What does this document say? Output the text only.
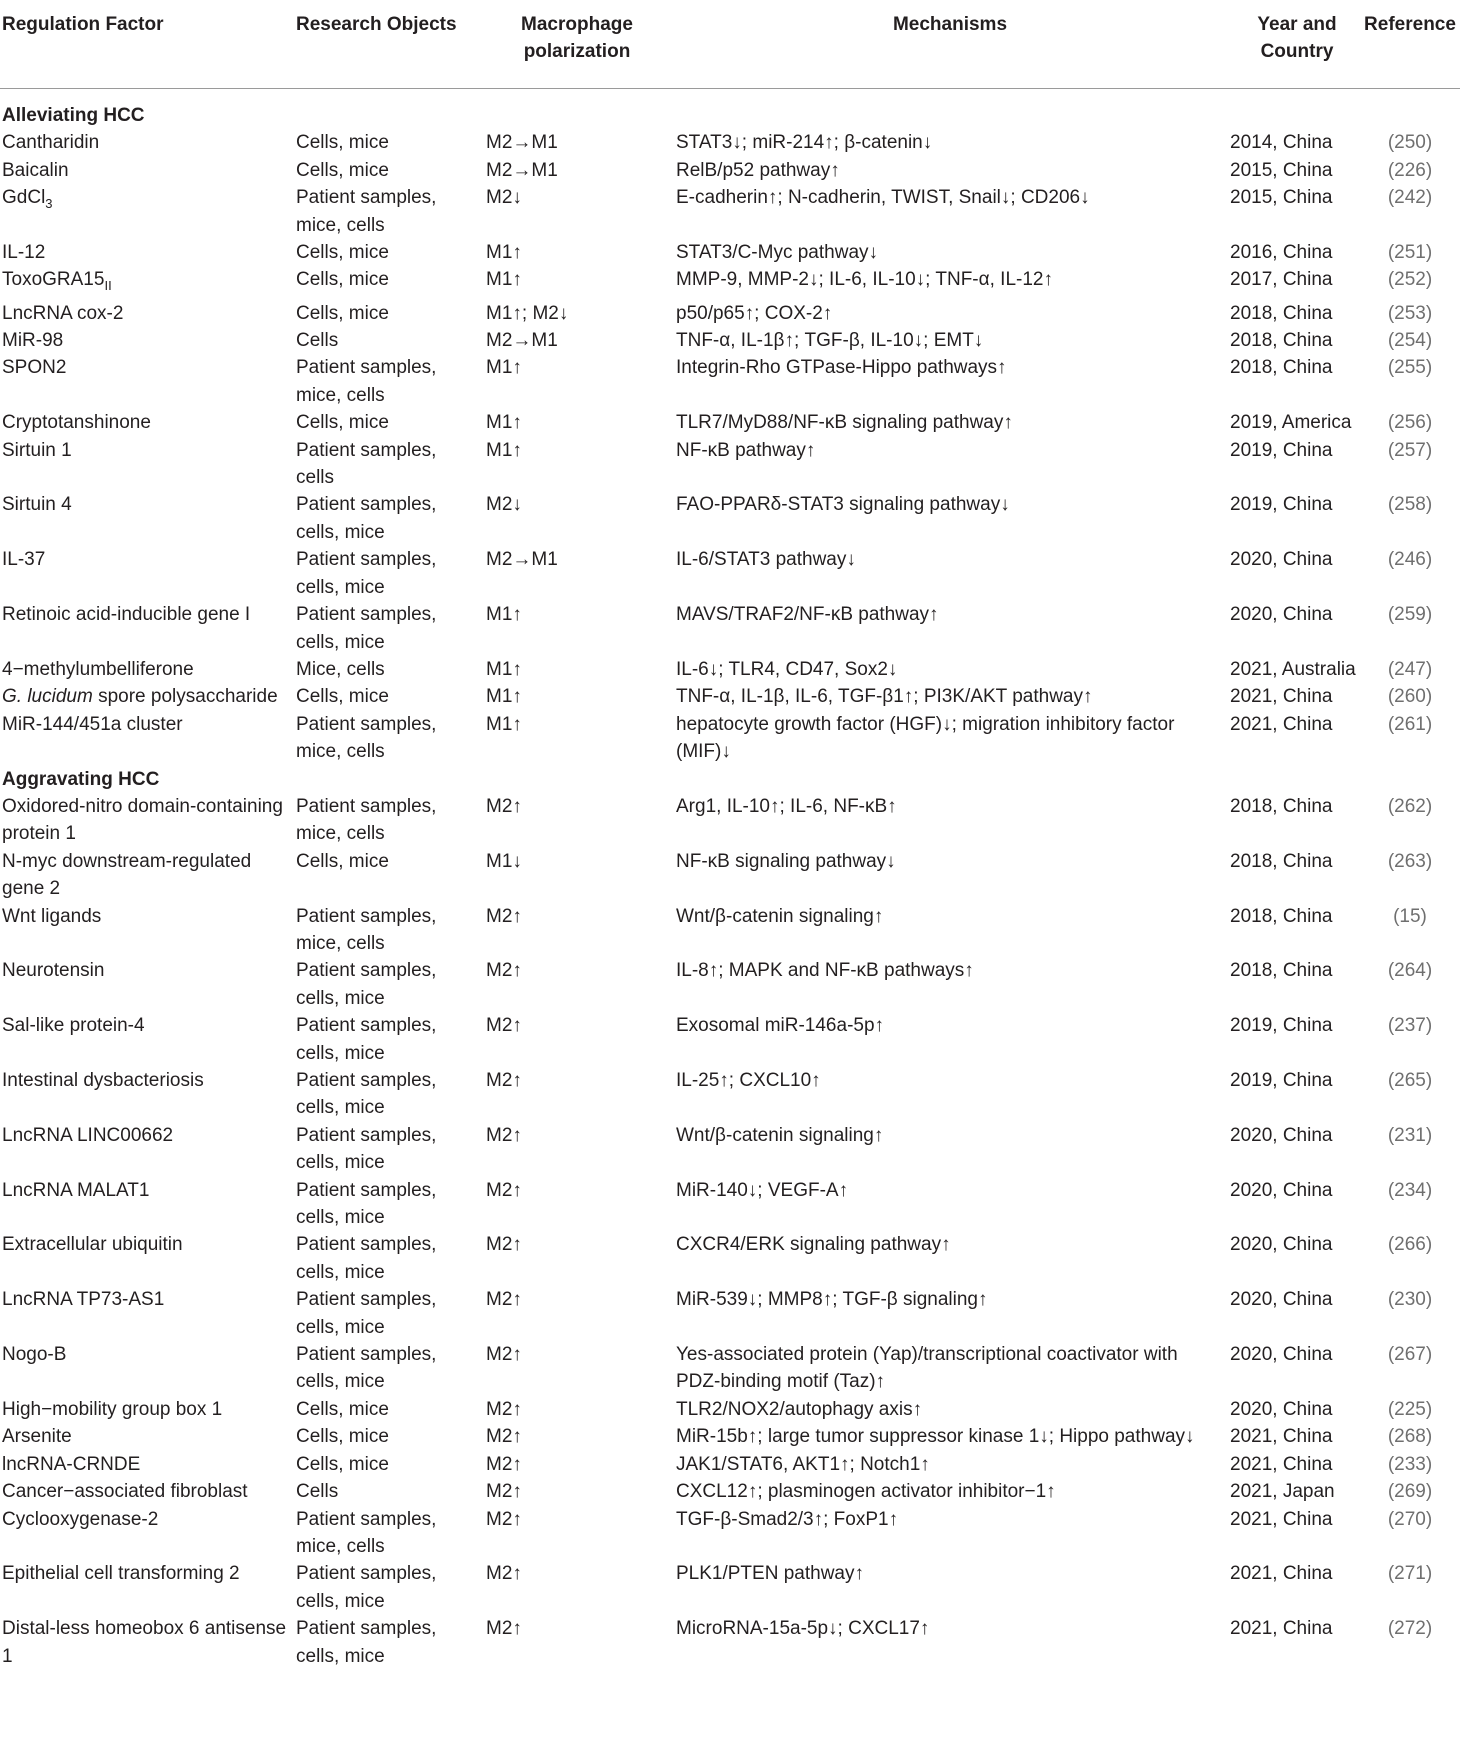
Regulation Factor	Research Objects	Macrophage polarization	Mechanisms	Year and Country	Reference
Alleviating HCC					
Cantharidin	Cells, mice	M2→M1	STAT3↓; miR-214↑; β-catenin↓	2014, China	(250)
Baicalin	Cells, mice	M2→M1	RelB/p52 pathway↑	2015, China	(226)
GdCl$_3$	Patient samples, mice, cells	M2↓	E-cadherin↑; N-cadherin, TWIST, Snail↓; CD206↓	2015, China	(242)
IL-12	Cells, mice	M1↑	STAT3/C-Myc pathway↓	2016, China	(251)
$ToxoGRA15_{II}$	Cells, mice	M1↑	MMP-9, MMP-2↓; IL-6, IL-10↓; TNF-α, IL-12↑	2017, China	(252)
LncRNA cox-2	Cells, mice	M1↑; M2↓	p50/p65↑; COX-2↑	2018, China	(253)
MiR-98	Cells	M2→M1	TNF-α, IL-1β↑; TGF-β, IL-10↓; EMT↓	2018, China	(254)
SPON2	Patient samples, mice, cells	M1↑	Integrin-Rho GTPase-Hippo pathways↑	2018, China	(255)
Cryptotanshinone	Cells, mice	M1↑	TLR7/MyD88/NF-κB signaling pathway↑	2019, America	(256)
Sirtuin 1	Patient samples, cells	M1↑	NF-κB pathway↑	2019, China	(257)
Sirtuin 4	Patient samples, cells, mice	M2↓	FAO-PPARδ-STAT3 signaling pathway↓	2019, China	(258)
IL-37	Patient samples, cells, mice	M2→M1	IL-6/STAT3 pathway↓	2020, China	(246)
Retinoic acid-inducible gene I	Patient samples, cells, mice	M1↑	MAVS/TRAF2/NF-κB pathway↑	2020, China	(259)
4−methylumbelliferone	Mice, cells	M1↑	IL-6↓; TLR4, CD47, Sox2↓	2021, Australia	(247)
G. lucidum spore polysaccharide	Cells, mice	M1↑	TNF-α, IL-1β, IL-6, TGF-β1↑; PI3K/AKT pathway↑	2021, China	(260)
MiR-144/451a cluster	Patient samples, mice, cells	M1↑	hepatocyte growth factor (HGF)↓; migration inhibitory factor (MIF)↓	2021, China	(261)
Aggravating HCC					
Oxidored-nitro domain-containing protein 1	Patient samples, mice, cells	M2↑	Arg1, IL-10↑; IL-6, NF-κB↑	2018, China	(262)
N-myc downstream-regulated gene 2	Cells, mice	M1↓	NF-κB signaling pathway↓	2018, China	(263)
Wnt ligands	Patient samples, mice, cells	M2↑	Wnt/β-catenin signaling↑	2018, China	(15)
Neurotensin	Patient samples, cells, mice	M2↑	IL-8↑; MAPK and NF-κB pathways↑	2018, China	(264)
Sal-like protein-4	Patient samples, cells, mice	M2↑	Exosomal miR-146a-5p↑	2019, China	(237)
Intestinal dysbacteriosis	Patient samples, cells, mice	M2↑	IL-25↑; CXCL10↑	2019, China	(265)
LncRNA LINC00662	Patient samples, cells, mice	M2↑	Wnt/β-catenin signaling↑	2020, China	(231)
LncRNA MALAT1	Patient samples, cells, mice	M2↑	MiR-140↓; VEGF-A↑	2020, China	(234)
Extracellular ubiquitin	Patient samples, cells, mice	M2↑	CXCR4/ERK signaling pathway↑	2020, China	(266)
LncRNA TP73-AS1	Patient samples, cells, mice	M2↑	MiR-539↓; MMP8↑; TGF-β signaling↑	2020, China	(230)
Nogo-B	Patient samples, cells, mice	M2↑	Yes-associated protein (Yap)/transcriptional coactivator with PDZ-binding motif (Taz)↑	2020, China	(267)
High−mobility group box 1	Cells, mice	M2↑	TLR2/NOX2/autophagy axis↑	2020, China	(225)
Arsenite	Cells, mice	M2↑	MiR-15b↑; large tumor suppressor kinase 1↓; Hippo pathway↓	2021, China	(268)
lncRNA-CRNDE	Cells, mice	M2↑	JAK1/STAT6, AKT1↑; Notch1↑	2021, China	(233)
Cancer−associated fibroblast	Cells	M2↑	CXCL12↑; plasminogen activator inhibitor−1↑	2021, Japan	(269)
Cyclooxygenase-2	Patient samples, mice, cells	M2↑	TGF-β-Smad2/3↑; FoxP1↑	2021, China	(270)
Epithelial cell transforming 2	Patient samples, cells, mice	M2↑	PLK1/PTEN pathway↑	2021, China	(271)
Distal-less homeobox 6 antisense 1	Patient samples, cells, mice	M2↑	MicroRNA-15a-5p↓; CXCL17↑	2021, China	(272)
